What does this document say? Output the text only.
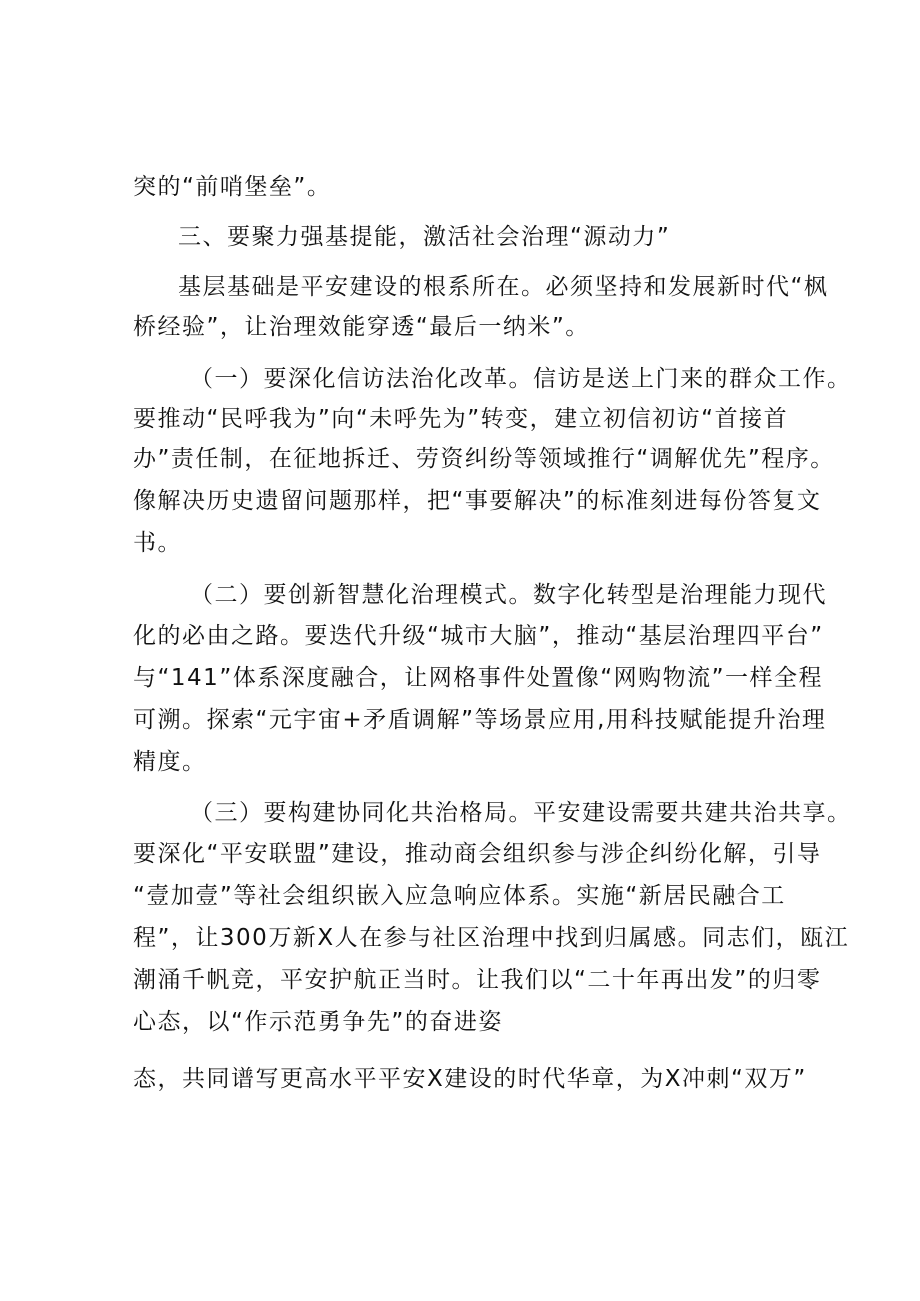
突的“前哨堡垒”。
三、要聚力强基提能，激活社会治理“源动力”
基层基础是平安建设的根系所在。必须坚持和发展新时代“枫
桥经验”，让治理效能穿透“最后一纳米”。
（一）要深化信访法治化改革。信访是送上门来的群众工作。
要推动“民呼我为”向“未呼先为”转变，建立初信初访“首接首
办”责任制，在征地拆迁、劳资纠纷等领域推行“调解优先”程序。
像解决历史遗留问题那样，把“事要解决”的标准刻进每份答复文
书。
（二）要创新智慧化治理模式。数字化转型是治理能力现代
化的必由之路。要迭代升级“城市大脑”，推动“基层治理四平台”
与“141”体系深度融合，让网格事件处置像“网购物流”一样全程
可溯。探索“元宇宙+矛盾调解”等场景应用,用科技赋能提升治理
精度。
（三）要构建协同化共治格局。平安建设需要共建共治共享。
要深化“平安联盟”建设，推动商会组织参与涉企纠纷化解，引导
“壹加壹”等社会组织嵌入应急响应体系。实施“新居民融合工
程”，让300万新X人在参与社区治理中找到归属感。同志们，瓯江
潮涌千帆竞，平安护航正当时。让我们以“二十年再出发”的归零
心态，以“作示范勇争先”的奋进姿
态，共同谱写更高水平平安X建设的时代华章，为X冲刺“双万”
